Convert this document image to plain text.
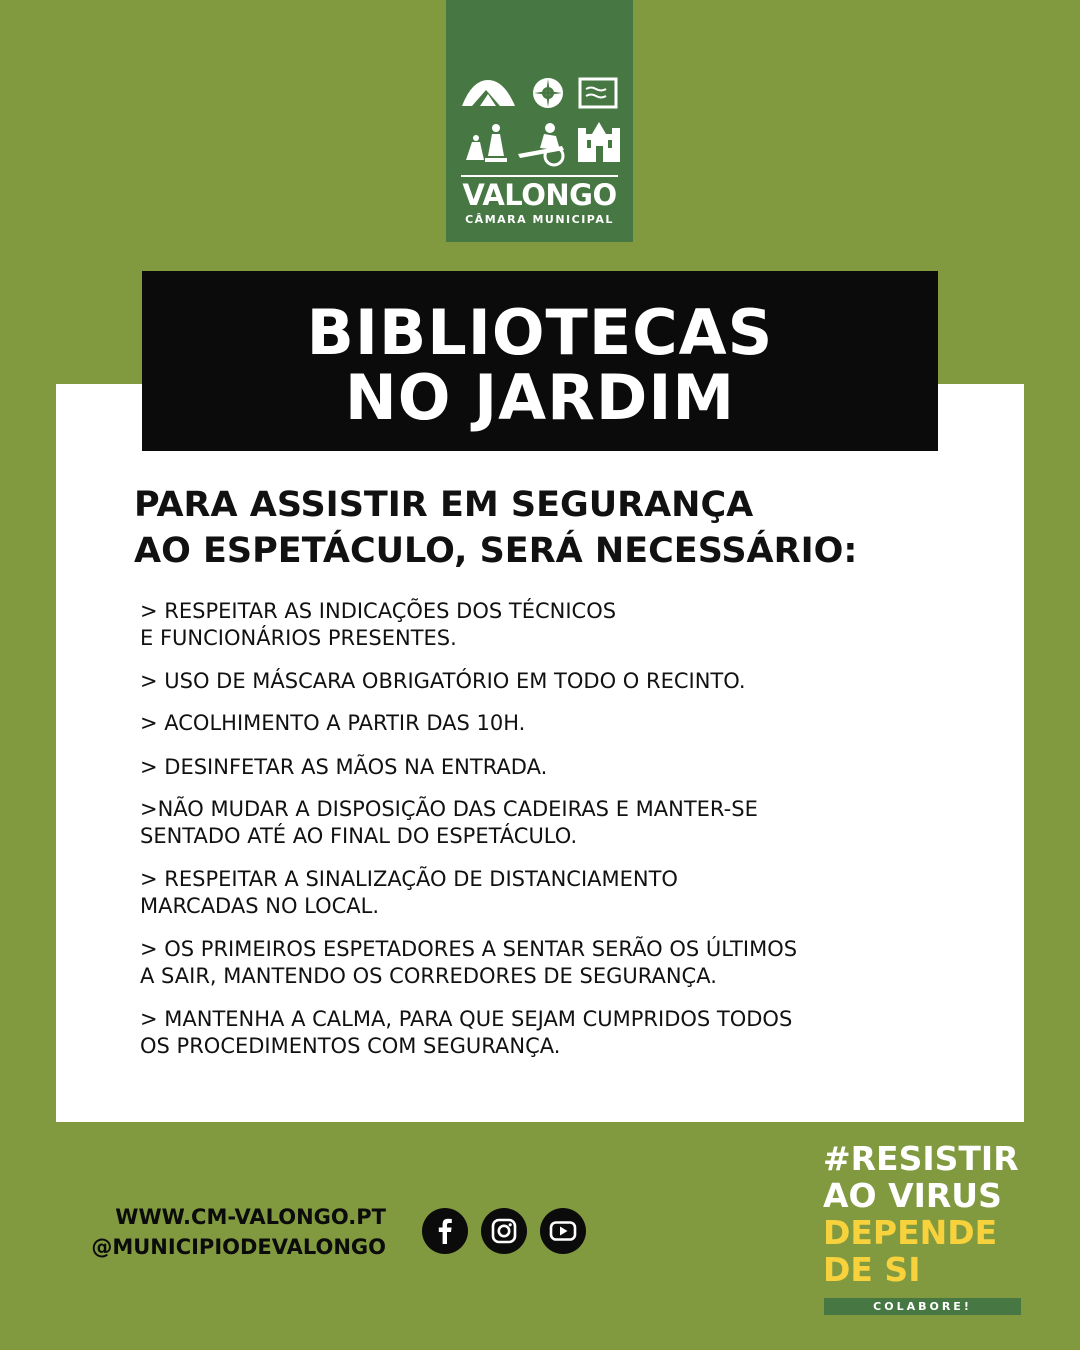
VALONGO
CÂMARA MUNICIPAL
BIBLIOTECAS
NO JARDIM
PARA ASSISTIR EM SEGURANÇA
AO ESPETÁCULO, SERÁ NECESSÁRIO:
> RESPEITAR AS INDICAÇÕES DOS TÉCNICOS
E FUNCIONÁRIOS PRESENTES.
> USO DE MÁSCARA OBRIGATÓRIO EM TODO O RECINTO.
> ACOLHIMENTO A PARTIR DAS 10H.
> DESINFETAR AS MÃOS NA ENTRADA.
>NÃO MUDAR A DISPOSIÇÃO DAS CADEIRAS E MANTER-SE
SENTADO ATÉ AO FINAL DO ESPETÁCULO.
> RESPEITAR A SINALIZAÇÃO DE DISTANCIAMENTO
MARCADAS NO LOCAL.
> OS PRIMEIROS ESPETADORES A SENTAR SERÃO OS ÚLTIMOS
A SAIR, MANTENDO OS CORREDORES DE SEGURANÇA.
> MANTENHA A CALMA, PARA QUE SEJAM CUMPRIDOS TODOS
OS PROCEDIMENTOS COM SEGURANÇA.
WWW.CM-VALONGO.PT
@MUNICIPIODEVALONGO
#RESISTIR
AO VIRUS
DEPENDE
DE SI
COLABORE!
